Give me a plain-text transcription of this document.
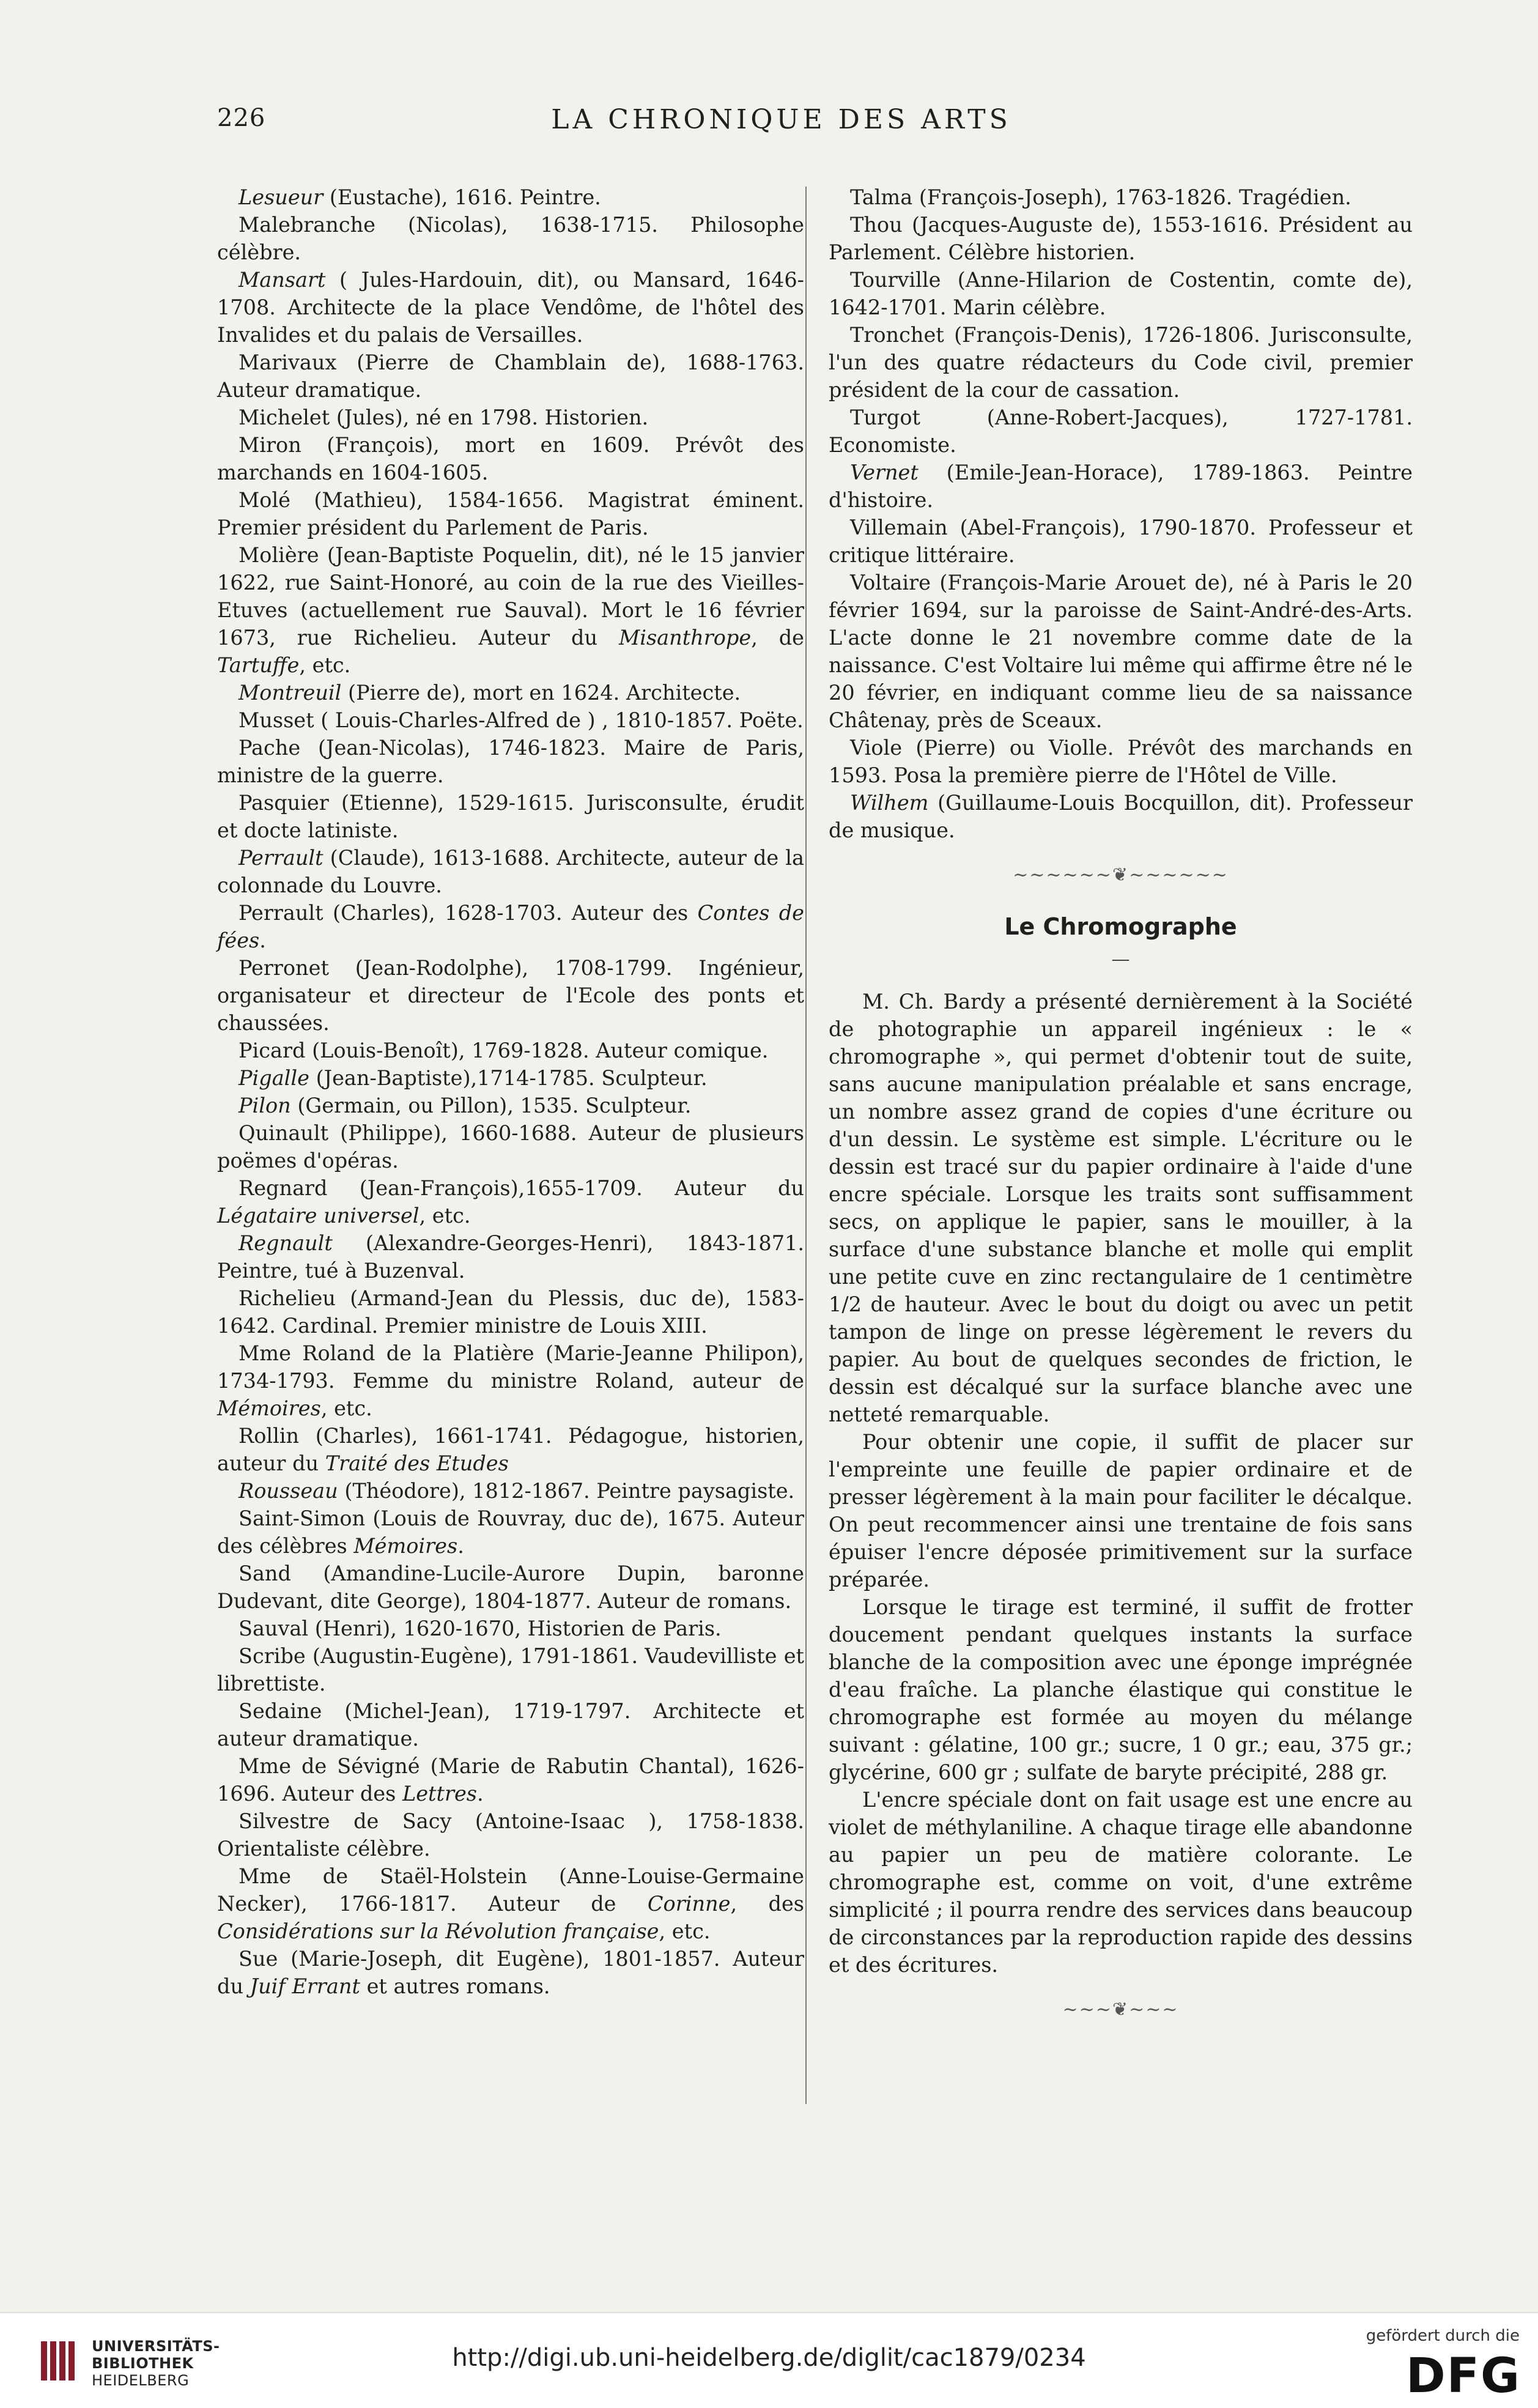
226	LA CHRONIQUE DES ARTS

Lesueur (Eustache), 1616. Peintre.

Malebranche (Nicolas), 1638-1715. Philosophe célèbre.

Mansart ( Jules-Hardouin, dit), ou Mansard, 1646-1708. Architecte de la place Vendôme, de l'hôtel des Invalides et du palais de Versailles.

Marivaux (Pierre de Chamblain de), 1688-1763. Auteur dramatique.

Michelet (Jules), né en 1798. Historien.

Miron (François), mort en 1609. Prévôt des marchands en 1604-1605.

Molé (Mathieu), 1584-1656. Magistrat éminent. Premier président du Parlement de Paris.

Molière (Jean-Baptiste Poquelin, dit), né le 15 janvier 1622, rue Saint-Honoré, au coin de la rue des Vieilles-Etuves (actuellement rue Sauval). Mort le 16 février 1673, rue Richelieu. Auteur du Misanthrope, de Tartuffe, etc.

Montreuil (Pierre de), mort en 1624. Architecte.

Musset ( Louis-Charles-Alfred de ) , 1810-1857. Poëte.

Pache (Jean-Nicolas), 1746-1823. Maire de Paris, ministre de la guerre.

Pasquier (Etienne), 1529-1615. Jurisconsulte, érudit et docte latiniste.

Perrault (Claude), 1613-1688. Architecte, auteur de la colonnade du Louvre.

Perrault (Charles), 1628-1703. Auteur des Contes de fées.

Perronet (Jean-Rodolphe), 1708-1799. Ingénieur, organisateur et directeur de l'Ecole des ponts et chaussées.

Picard (Louis-Benoît), 1769-1828. Auteur comique.

Pigalle (Jean-Baptiste),1714-1785. Sculpteur.

Pilon (Germain, ou Pillon), 1535. Sculpteur.

Quinault (Philippe), 1660-1688. Auteur de plusieurs poëmes d'opéras.

Regnard (Jean-François),1655-1709. Auteur du Légataire universel, etc.

Regnault (Alexandre-Georges-Henri), 1843-1871. Peintre, tué à Buzenval.

Richelieu (Armand-Jean du Plessis, duc de), 1583-1642. Cardinal. Premier ministre de Louis XIII.

Mme Roland de la Platière (Marie-Jeanne Philipon), 1734-1793. Femme du ministre Roland, auteur de Mémoires, etc.

Rollin (Charles), 1661-1741. Pédagogue, historien, auteur du Traité des Etudes

Rousseau (Théodore), 1812-1867. Peintre paysagiste.

Saint-Simon (Louis de Rouvray, duc de), 1675. Auteur des célèbres Mémoires.

Sand (Amandine-Lucile-Aurore Dupin, baronne Dudevant, dite George), 1804-1877. Auteur de romans.

Sauval (Henri), 1620-1670, Historien de Paris.

Scribe (Augustin-Eugène), 1791-1861. Vaudevilliste et librettiste.

Sedaine (Michel-Jean), 1719-1797. Architecte et auteur dramatique.

Mme de Sévigné (Marie de Rabutin Chantal), 1626-1696. Auteur des Lettres.

Silvestre de Sacy (Antoine-Isaac ), 1758-1838. Orientaliste célèbre.

Mme de Staël-Holstein (Anne-Louise-Germaine Necker), 1766-1817. Auteur de Corinne, des Considérations sur la Révolution française, etc.

Sue (Marie-Joseph, dit Eugène), 1801-1857. Auteur du Juif Errant et autres romans.

Talma (François-Joseph), 1763-1826. Tragédien.

Thou (Jacques-Auguste de), 1553-1616. Président au Parlement. Célèbre historien.

Tourville (Anne-Hilarion de Costentin, comte de), 1642-1701. Marin célèbre.

Tronchet (François-Denis), 1726-1806. Jurisconsulte, l'un des quatre rédacteurs du Code civil, premier président de la cour de cassation.

Turgot (Anne-Robert-Jacques), 1727-1781. Economiste.

Vernet (Emile-Jean-Horace), 1789-1863. Peintre d'histoire.

Villemain (Abel-François), 1790-1870. Professeur et critique littéraire.

Voltaire (François-Marie Arouet de), né à Paris le 20 février 1694, sur la paroisse de Saint-André-des-Arts. L'acte donne le 21 novembre comme date de la naissance. C'est Voltaire lui même qui affirme être né le 20 février, en indiquant comme lieu de sa naissance Châtenay, près de Sceaux.

Viole (Pierre) ou Violle. Prévôt des marchands en 1593. Posa la première pierre de l'Hôtel de Ville.

Wilhem (Guillaume-Louis Bocquillon, dit). Professeur de musique.

~~~~~~❦~~~~~~
Le Chromographe
—

M. Ch. Bardy a présenté dernièrement à la Société de photographie un appareil ingénieux : le « chromographe », qui permet d'obtenir tout de suite, sans aucune manipulation préalable et sans encrage, un nombre assez grand de copies d'une écriture ou d'un dessin. Le système est simple. L'écriture ou le dessin est tracé sur du papier ordinaire à l'aide d'une encre spéciale. Lorsque les traits sont suffisamment secs, on applique le papier, sans le mouiller, à la surface d'une substance blanche et molle qui emplit une petite cuve en zinc rectangulaire de 1 centimètre 1/2 de hauteur. Avec le bout du doigt ou avec un petit tampon de linge on presse légèrement le revers du papier. Au bout de quelques secondes de friction, le dessin est décalqué sur la surface blanche avec une netteté remarquable.

Pour obtenir une copie, il suffit de placer sur l'empreinte une feuille de papier ordinaire et de presser légèrement à la main pour faciliter le décalque. On peut recommencer ainsi une trentaine de fois sans épuiser l'encre déposée primitivement sur la surface préparée.

Lorsque le tirage est terminé, il suffit de frotter doucement pendant quelques instants la surface blanche de la composition avec une éponge imprégnée d'eau fraîche. La planche élastique qui constitue le chromographe est formée au moyen du mélange suivant : gélatine, 100 gr.; sucre, 1 0 gr.; eau, 375 gr.; glycérine, 600 gr ; sulfate de baryte précipité, 288 gr.

L'encre spéciale dont on fait usage est une encre au violet de méthylaniline. A chaque tirage elle abandonne au papier un peu de matière colorante. Le chromographe est, comme on voit, d'une extrême simplicité ; il pourra rendre des services dans beaucoup de circonstances par la reproduction rapide des dessins et des écritures.

~~~❦~~~
UNIVERSITÄTS-
BIBLIOTHEK
HEIDELBERG
http://digi.ub.uni-heidelberg.de/diglit/cac1879/0234
gefördert durch die
DFG
